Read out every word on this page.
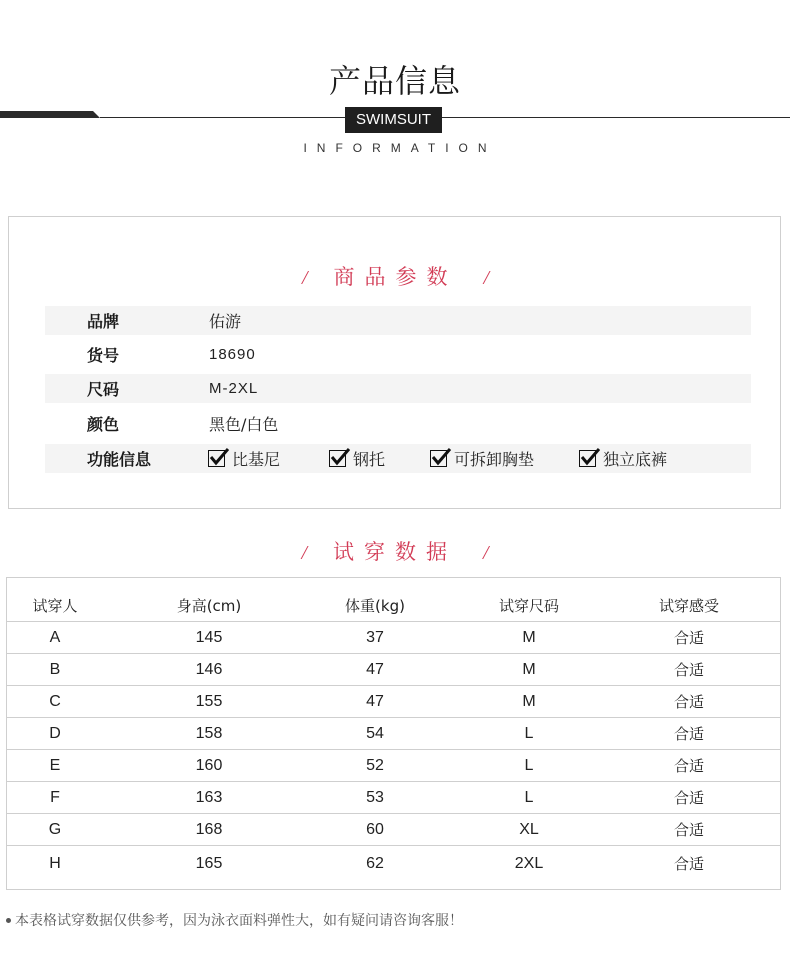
产品信息
SWIMSUIT
INFORMATION
/ 商品参数 /
品牌	佑游
货号	18690
尺码	M-2XL
颜色	黑色/白色
功能信息	比基尼	钢托	可拆卸胸垫	独立底裤
/ 试穿数据 /
试穿人	身高(cm)	体重(kg)	试穿尺码	试穿感受
A	145	37	M	合适
B	146	47	M	合适
C	155	47	M	合适
D	158	54	L	合适
E	160	52	L	合适
F	163	53	L	合适
G	168	60	XL	合适
H	165	62	2XL	合适
本表格试穿数据仅供参考，因为泳衣面料弹性大，如有疑问请咨询客服！
